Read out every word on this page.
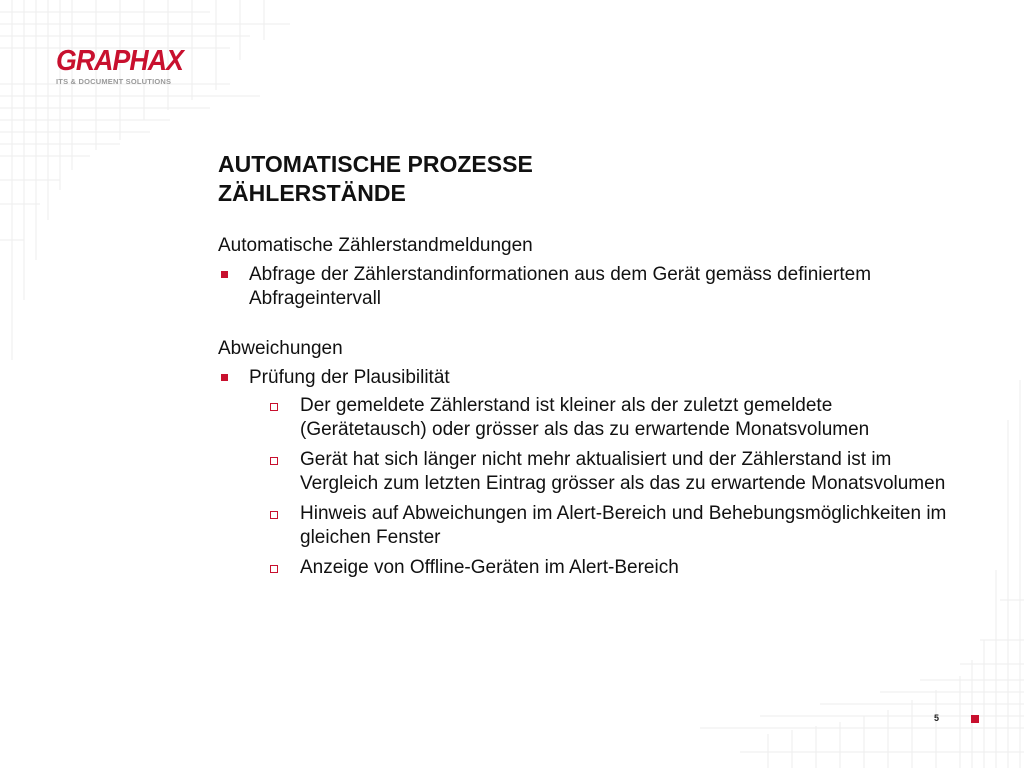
GRAPHAX
ITS & DOCUMENT SOLUTIONS
AUTOMATISCHE PROZESSE
ZÄHLERSTÄNDE

Automatische Zählerstandmeldungen

Abfrage der Zählerstandinformationen aus dem Gerät gemäss definiertem Abfrageintervall

Abweichungen

Prüfung der Plausibilität
Der gemeldete Zählerstand ist kleiner als der zuletzt gemeldete (Gerätetausch) oder grösser als das zu erwartende Monatsvolumen
Gerät hat sich länger nicht mehr aktualisiert und der Zählerstand ist im Vergleich zum letzten Eintrag grösser als das zu erwartende Monatsvolumen
Hinweis auf Abweichungen im Alert-Bereich und Behebungsmöglichkeiten im gleichen Fenster
Anzeige von Offline-Geräten im Alert-Bereich
5
